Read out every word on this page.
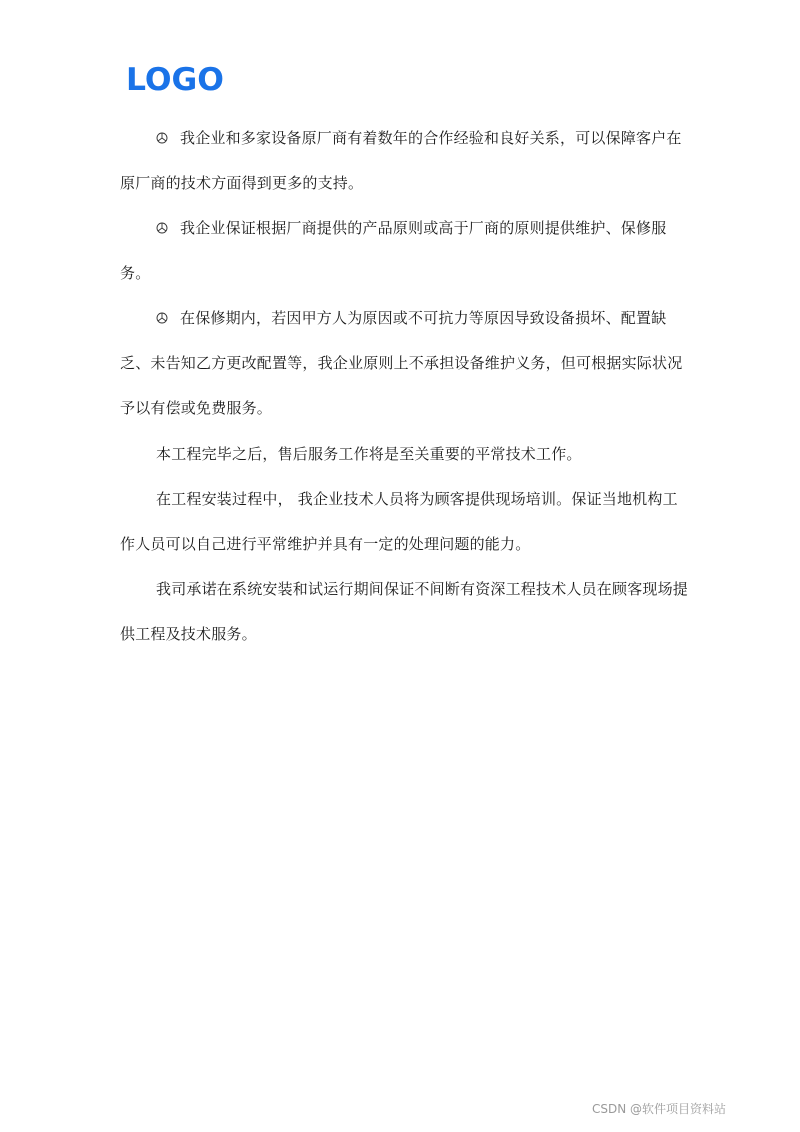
LOGO

我企业和多家设备原厂商有着数年的合作经验和良好关系，可以保障客户在原厂商的技术方面得到更多的支持。

我企业保证根据厂商提供的产品原则或高于厂商的原则提供维护、保修服务。

在保修期内，若因甲方人为原因或不可抗力等原因导致设备损坏、配置缺乏、未告知乙方更改配置等，我企业原则上不承担设备维护义务，但可根据实际状况予以有偿或免费服务。

本工程完毕之后，售后服务工作将是至关重要的平常技术工作。

在工程安装过程中， 我企业技术人员将为顾客提供现场培训。保证当地机构工作人员可以自己进行平常维护并具有一定的处理问题的能力。

我司承诺在系统安装和试运行期间保证不间断有资深工程技术人员在顾客现场提供工程及技术服务。

CSDN @软件项目资料站
